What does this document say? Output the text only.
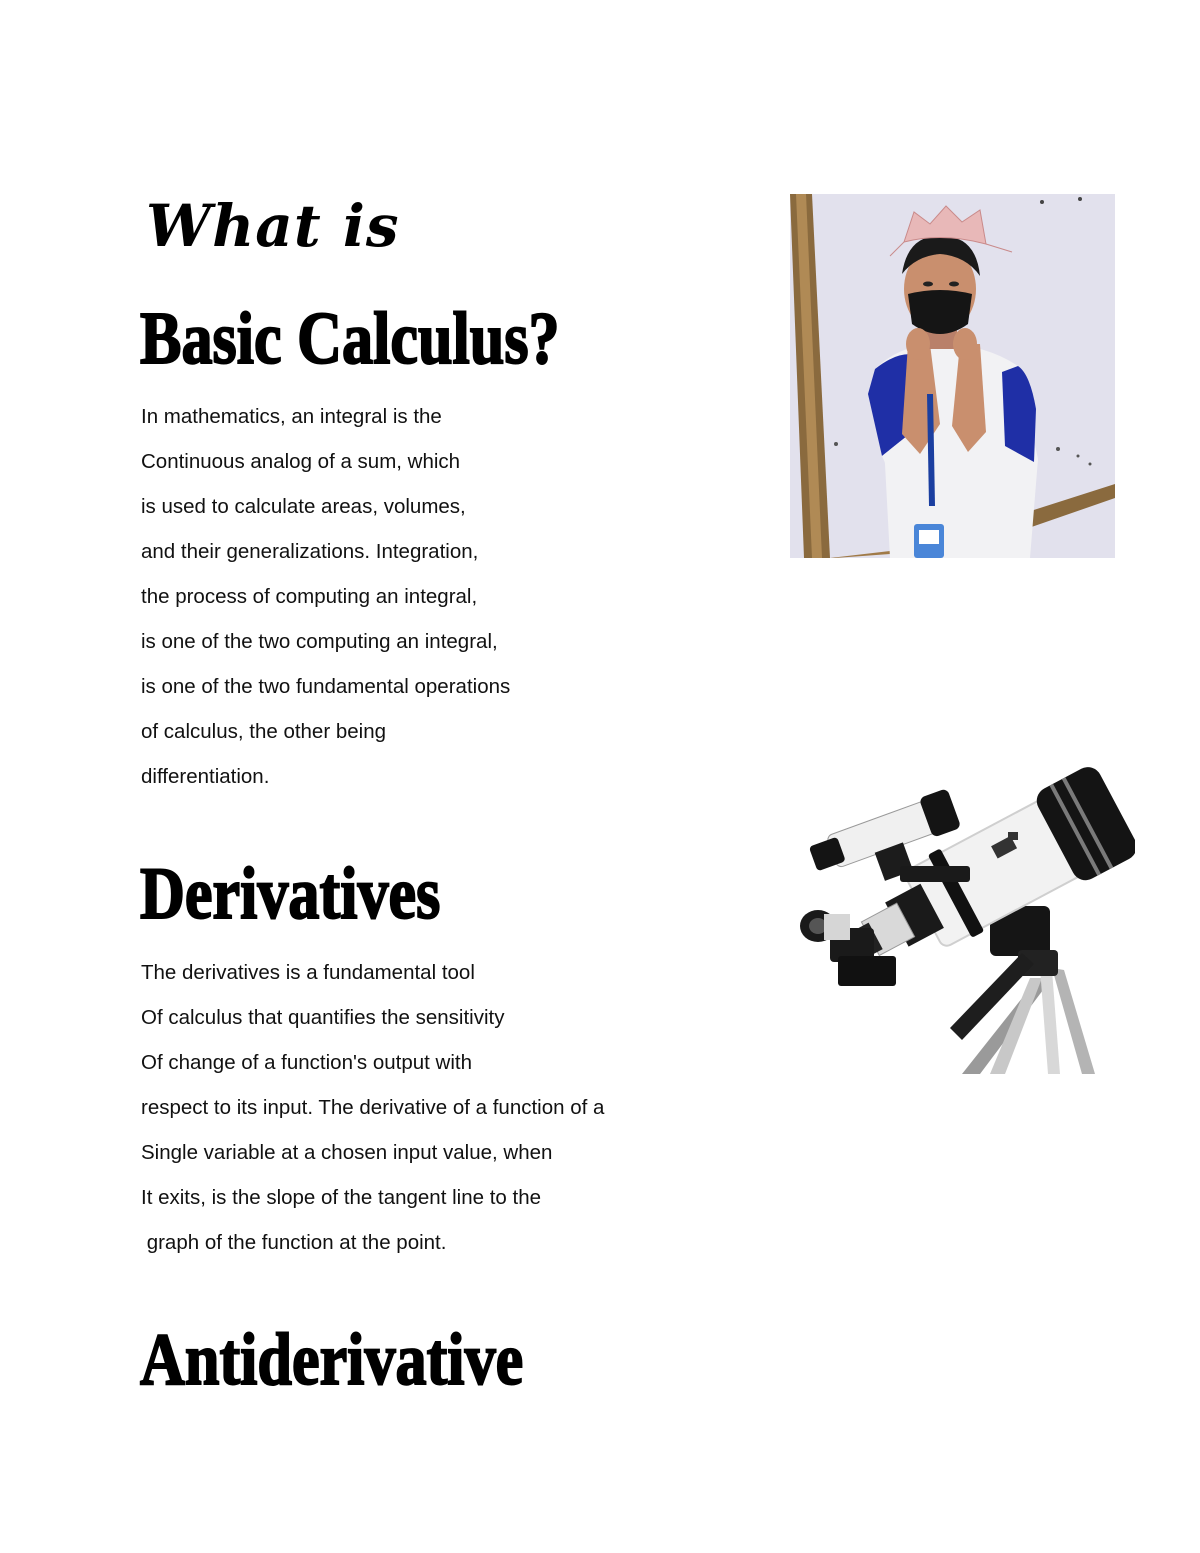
What is
Basic Calculus?
In mathematics, an integral is the
Continuous analog of a sum, which
is used to calculate areas, volumes,
and their generalizations. Integration,
the process of computing an integral,
is one of the two computing an integral,
is one of the two fundamental operations
of calculus, the other being
differentiation.
Derivatives
The derivatives is a fundamental tool
Of calculus that quantifies the sensitivity
Of change of a function's output with
respect to its input. The derivative of a function of a
Single variable at a chosen input value, when
It exits, is the slope of the tangent line to the
graph of the function at the point.
Antiderivative
